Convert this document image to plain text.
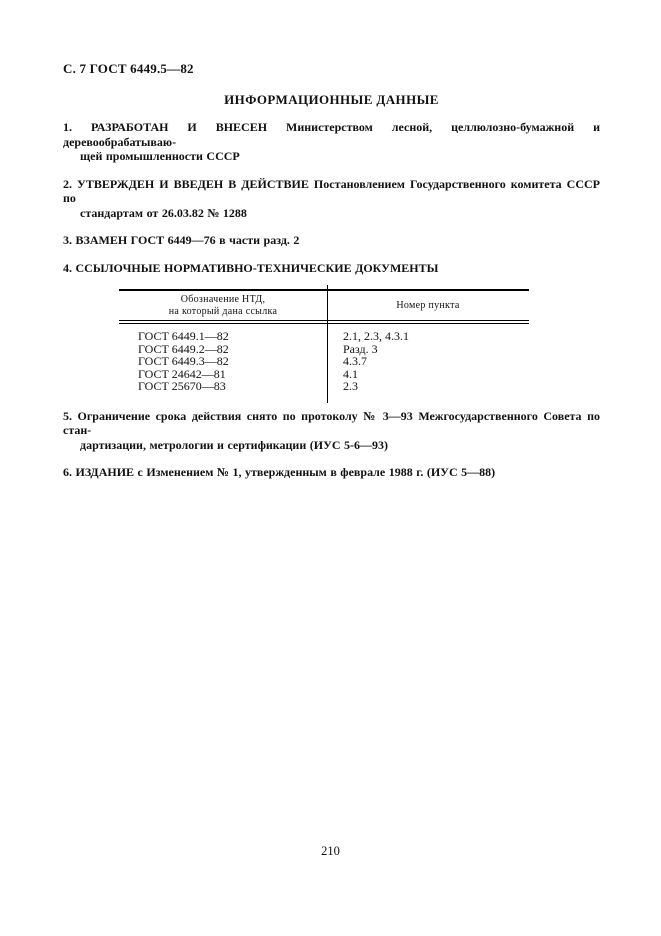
С. 7 ГОСТ 6449.5—82
ИНФОРМАЦИОННЫЕ ДАННЫЕ

1. РАЗРАБОТАН И ВНЕСЕН Министерством лесной, целлюлозно-бумажной и деревообрабатываю-
щей промышленности СССР

2. УТВЕРЖДЕН И ВВЕДЕН В ДЕЙСТВИЕ Постановлением Государственного комитета СССР по
стандартам от 26.03.82 № 1288

3. ВЗАМЕН ГОСТ 6449—76 в части разд. 2

4. ССЫЛОЧНЫЕ НОРМАТИВНО-ТЕХНИЧЕСКИЕ ДОКУМЕНТЫ

Обозначение НТД,
на который дана ссылка
Номер пункта
ГОСТ 6449.1—82
ГОСТ 6449.2—82
ГОСТ 6449.3—82
ГОСТ 24642—81
ГОСТ 25670—83
2.1, 2.3, 4.3.1
Разд. 3
4.3.7
4.1
2.3

5. Ограничение срока действия снято по протоколу № 3—93 Межгосударственного Совета по стан-
дартизации, метрологии и сертификации (ИУС 5-6—93)

6. ИЗДАНИЕ с Изменением № 1, утвержденным в феврале 1988 г. (ИУС 5—88)

210
